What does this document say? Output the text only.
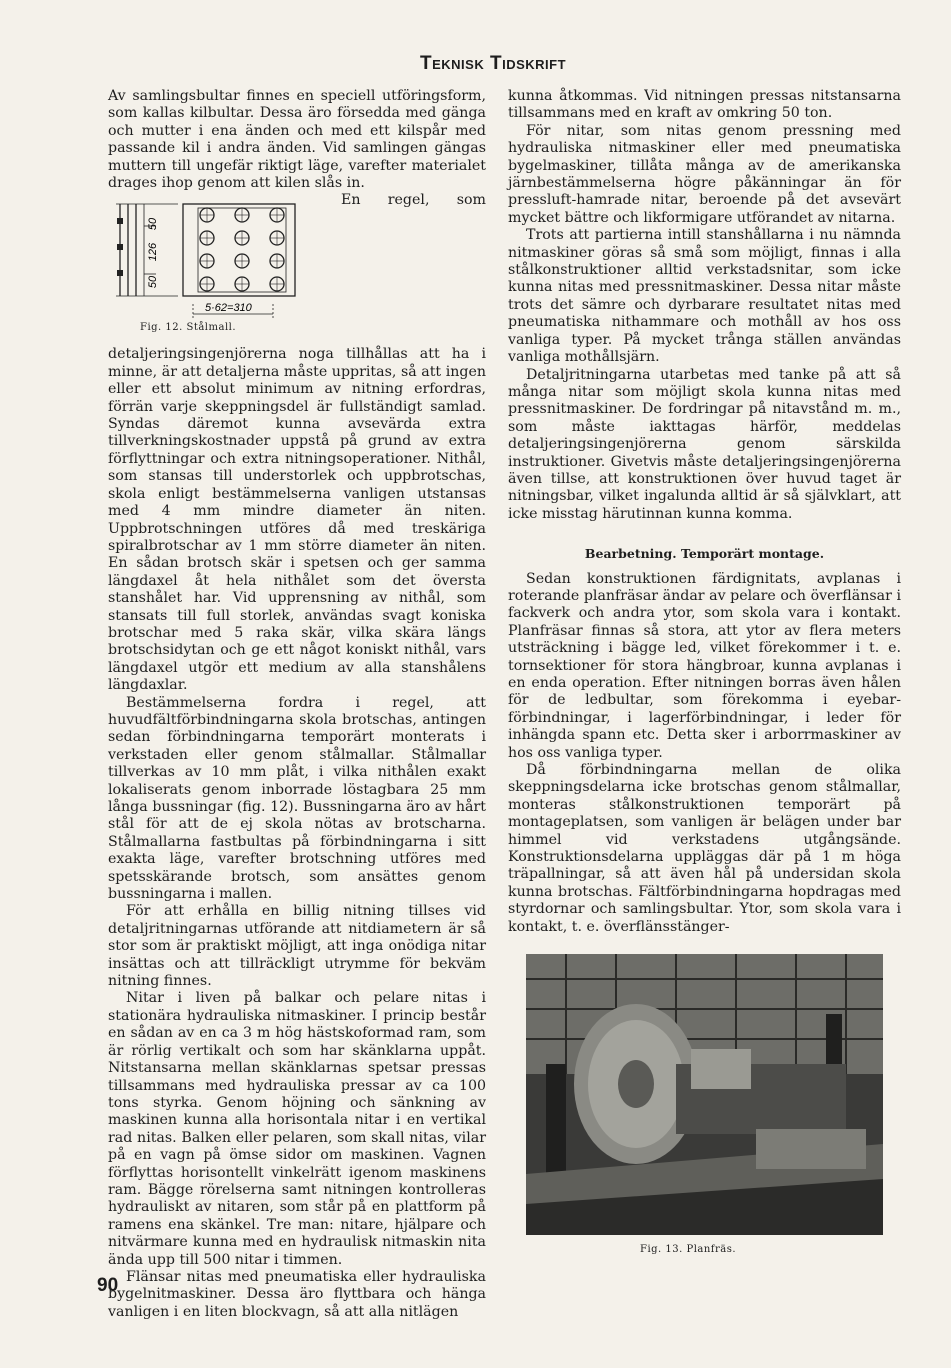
Teknisk Tidskrift

Av samlingsbultar finnes en speciell utföringsform, som kallas kilbultar. Dessa äro försedda med gänga och mutter i ena änden och med ett kilspår med passande kil i andra änden. Vid samlingen gängas muttern till ungefär riktigt läge, varefter materialet drages ihop genom att kilen slås in.

50
126
50
5·62=310
Fig. 12. Stålmall.
En regel, som detaljeringsingenjörerna noga tillhållas att ha i minne, är att detaljerna måste uppritas, så att ingen eller ett absolut minimum av nitning erfordras, förrän varje skeppningsdel är fullständigt samlad. Syndas däremot kunna avsevärda extra tillverkningskostnader uppstå på grund av extra förflyttningar och extra nitningsoperationer. Nithål, som stansas till understorlek och uppbrotschas, skola enligt bestämmelserna vanligen utstansas med 4 mm mindre diameter än niten. Uppbrotschningen utföres då med treskäriga spiralbrotschar av 1 mm större diameter än niten. En sådan brotsch skär i spetsen och ger samma längdaxel åt hela nithålet som det översta stanshålet har. Vid upprensning av nithål, som stansats till full storlek, användas svagt koniska brotschar med 5 raka skär, vilka skära längs brotschsidytan och ge ett något koniskt nithål, vars längdaxel utgör ett medium av alla stanshålens längdaxlar.

Bestämmelserna fordra i regel, att huvudfältförbindningarna skola brotschas, antingen sedan förbindningarna temporärt monterats i verkstaden eller genom stålmallar. Stålmallar tillverkas av 10 mm plåt, i vilka nithålen exakt lokaliserats genom inborrade löstagbara 25 mm långa bussningar (fig. 12). Bussningarna äro av hårt stål för att de ej skola nötas av brotscharna. Stålmallarna fastbultas på förbindningarna i sitt exakta läge, varefter brotschning utföres med spetsskärande brotsch, som ansättes genom bussningarna i mallen.

För att erhålla en billig nitning tillses vid detaljritningarnas utförande att nitdiametern är så stor som är praktiskt möjligt, att inga onödiga nitar insättas och att tillräckligt utrymme för bekväm nitning finnes.

Nitar i liven på balkar och pelare nitas i stationära hydrauliska nitmaskiner. I princip består en sådan av en ca 3 m hög hästskoformad ram, som är rörlig vertikalt och som har skänklarna uppåt. Nitstansarna mellan skänklarnas spetsar pressas tillsammans med hydrauliska pressar av ca 100 tons styrka. Genom höjning och sänkning av maskinen kunna alla horisontala nitar i en vertikal rad nitas. Balken eller pelaren, som skall nitas, vilar på en vagn på ömse sidor om maskinen. Vagnen förflyttas horisontellt vinkelrätt igenom maskinens ram. Bägge rörelserna samt nitningen kontrolleras hydrauliskt av nitaren, som står på en plattform på ramens ena skänkel. Tre man: nitare, hjälpare och nitvärmare kunna med en hydraulisk nitmaskin nita ända upp till 500 nitar i timmen.

Flänsar nitas med pneumatiska eller hydrauliska bygelnitmaskiner. Dessa äro flyttbara och hänga vanligen i en liten blockvagn, så att alla nitlägen

kunna åtkommas. Vid nitningen pressas nitstansarna tillsammans med en kraft av omkring 50 ton.

För nitar, som nitas genom pressning med hydrauliska nitmaskiner eller med pneumatiska bygelmaskiner, tillåta många av de amerikanska järnbestämmelserna högre påkänningar än för pressluft-hamrade nitar, beroende på det avsevärt mycket bättre och likformigare utförandet av nitarna.

Trots att partierna intill stanshållarna i nu nämnda nitmaskiner göras så små som möjligt, finnas i alla stålkonstruktioner alltid verkstadsnitar, som icke kunna nitas med pressnitmaskiner. Dessa nitar måste trots det sämre och dyrbarare resultatet nitas med pneumatiska nithammare och mothåll av hos oss vanliga typer. På mycket trånga ställen användas vanliga mothållsjärn.

Detaljritningarna utarbetas med tanke på att så många nitar som möjligt skola kunna nitas med pressnitmaskiner. De fordringar på nitavstånd m. m., som måste iakttagas härför, meddelas detaljeringsingenjörerna genom särskilda instruktioner. Givetvis måste detaljeringsingenjörerna även tillse, att konstruktionen över huvud taget är nitningsbar, vilket ingalunda alltid är så självklart, att icke misstag härutinnan kunna komma.

Bearbetning. Temporärt montage.

Sedan konstruktionen färdignitats, avplanas i roterande planfräsar ändar av pelare och överflänsar i fackverk och andra ytor, som skola vara i kontakt. Planfräsar finnas så stora, att ytor av flera meters utsträckning i bägge led, vilket förekommer i t. e. tornsektioner för stora hängbroar, kunna avplanas i en enda operation. Efter nitningen borras även hålen för de ledbultar, som förekomma i eyebar-förbindningar, i lagerförbindningar, i leder för inhängda spann etc. Detta sker i arborrmaskiner av hos oss vanliga typer.

Då förbindningarna mellan de olika skeppningsdelarna icke brotschas genom stålmallar, monteras stålkonstruktionen temporärt på montageplatsen, som vanligen är belägen under bar himmel vid verkstadens utgångsände. Konstruktionsdelarna uppläggas där på 1 m höga träpallningar, så att även hål på undersidan skola kunna brotschas. Fältförbindningarna hopdragas med styrdornar och samlingsbultar. Ytor, som skola vara i kontakt, t. e. överflänsstänger-

Fig. 13. Planfräs.
90
